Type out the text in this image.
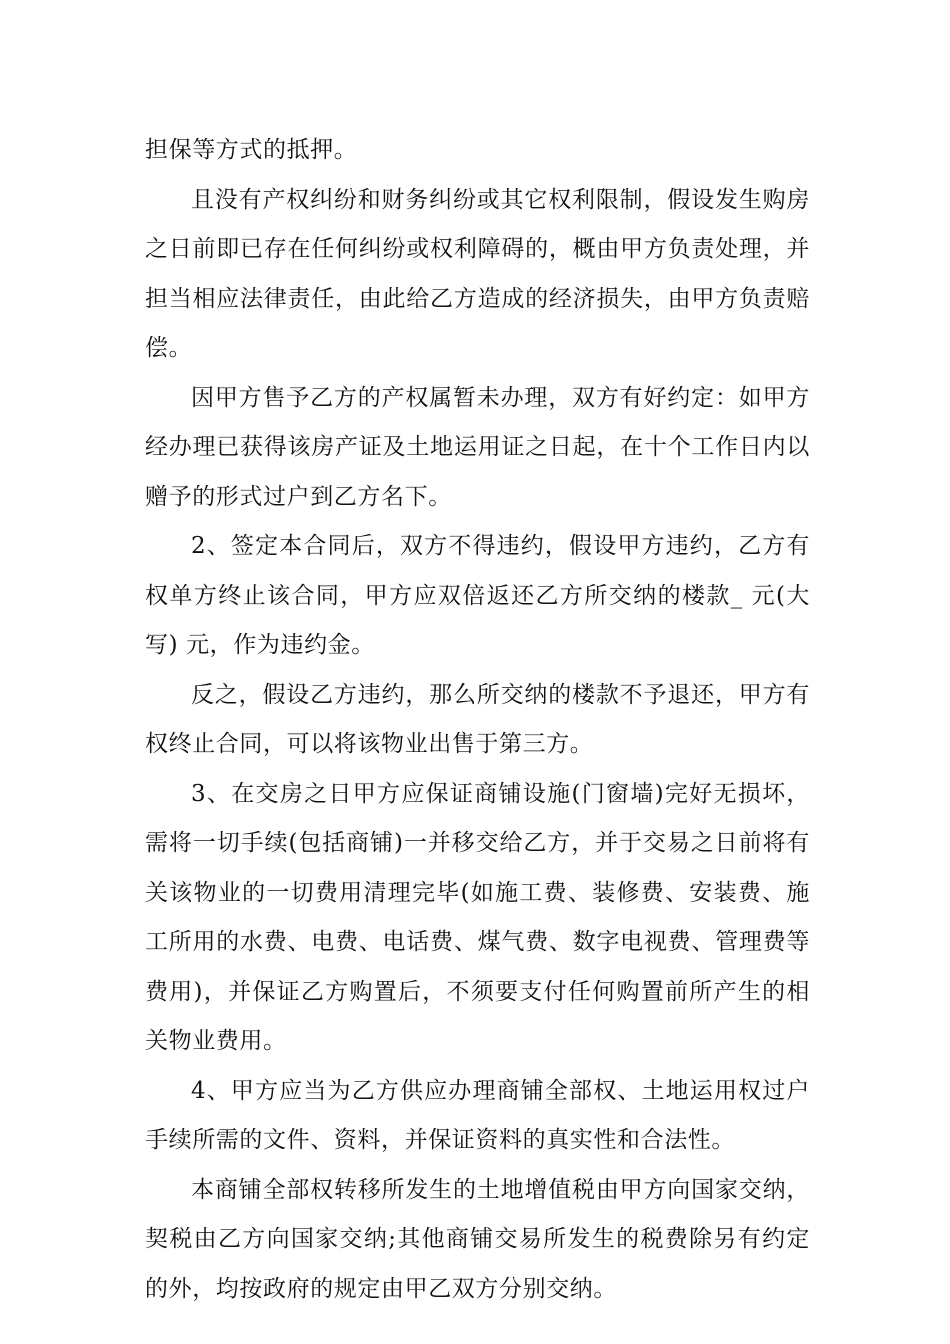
担保等方式的抵押。

且没有产权纠纷和财务纠纷或其它权利限制，假设发生购房之日前即已存在任何纠纷或权利障碍的，概由甲方负责处理，并担当相应法律责任，由此给乙方造成的经济损失，由甲方负责赔偿。

因甲方售予乙方的产权属暂未办理，双方有好约定：如甲方经办理已获得该房产证及土地运用证之日起，在十个工作日内以赠予的形式过户到乙方名下。

2、签定本合同后，双方不得违约，假设甲方违约，乙方有权单方终止该合同，甲方应双倍返还乙方所交纳的楼款_ 元(大写) 元，作为违约金。

反之，假设乙方违约，那么所交纳的楼款不予退还，甲方有权终止合同，可以将该物业出售于第三方。

3、在交房之日甲方应保证商铺设施(门窗墙)完好无损坏，需将一切手续(包括商铺)一并移交给乙方，并于交易之日前将有关该物业的一切费用清理完毕(如施工费、装修费、安装费、施工所用的水费、电费、电话费、煤气费、数字电视费、管理费等费用)，并保证乙方购置后，不须要支付任何购置前所产生的相关物业费用。

4、甲方应当为乙方供应办理商铺全部权、土地运用权过户手续所需的文件、资料，并保证资料的真实性和合法性。

本商铺全部权转移所发生的土地增值税由甲方向国家交纳，契税由乙方向国家交纳;其他商铺交易所发生的税费除另有约定的外，均按政府的规定由甲乙双方分别交纳。
